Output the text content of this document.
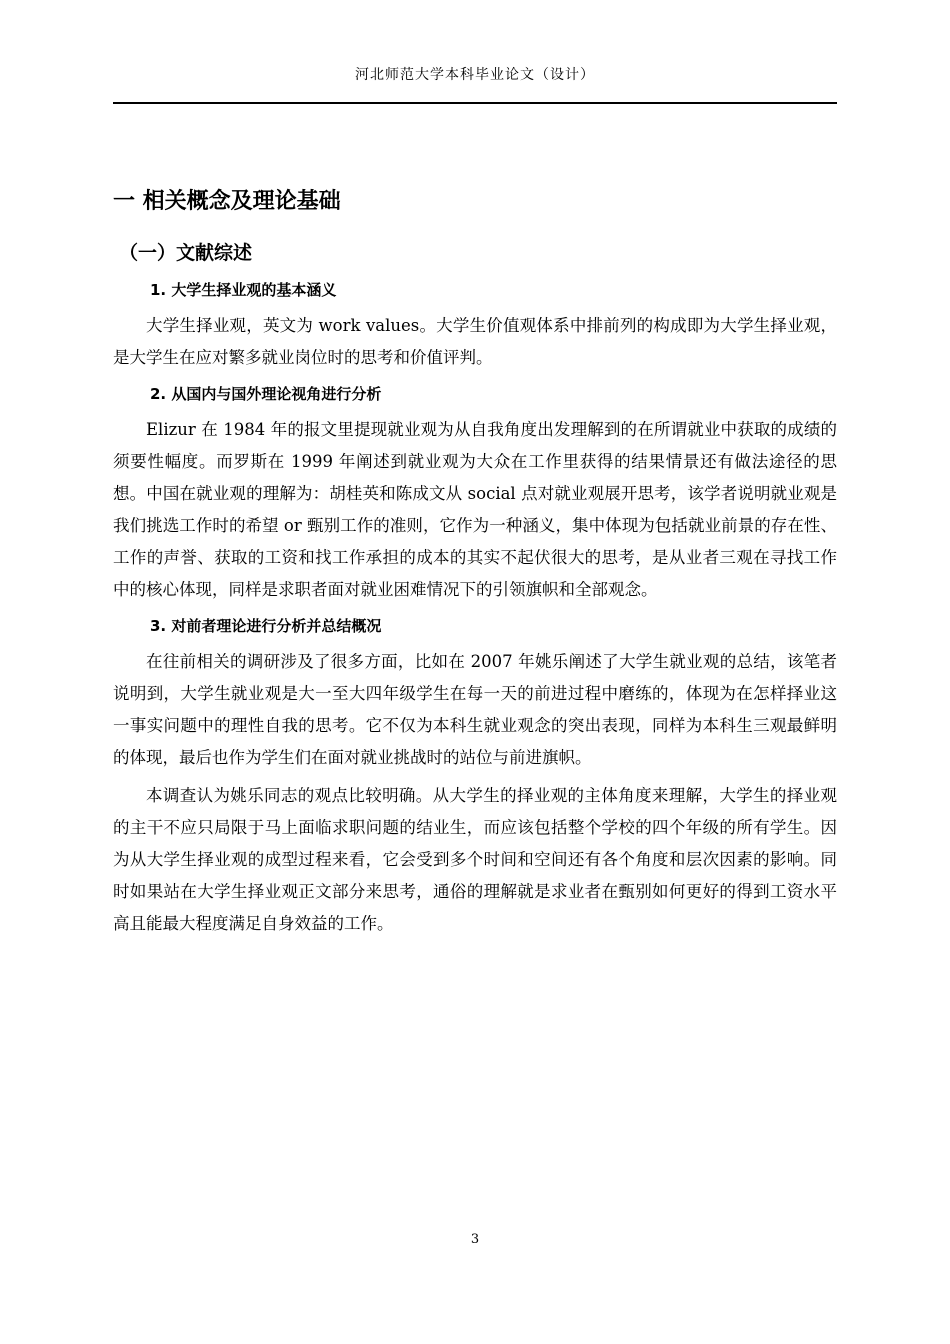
河北师范大学本科毕业论文（设计）
一 相关概念及理论基础
（一）文献综述
1. 大学生择业观的基本涵义

大学生择业观，英文为 work values。大学生价值观体系中排前列的构成即为大学生择业观，是大学生在应对繁多就业岗位时的思考和价值评判。

2. 从国内与国外理论视角进行分析

Elizur 在 1984 年的报文里提现就业观为从自我角度出发理解到的在所谓就业中获取的成绩的须要性幅度。而罗斯在 1999 年阐述到就业观为大众在工作里获得的结果情景还有做法途径的思想。中国在就业观的理解为：胡桂英和陈成文从 social 点对就业观展开思考，该学者说明就业观是我们挑选工作时的希望 or 甄别工作的准则，它作为一种涵义，集中体现为包括就业前景的存在性、工作的声誉、获取的工资和找工作承担的成本的其实不起伏很大的思考，是从业者三观在寻找工作中的核心体现，同样是求职者面对就业困难情况下的引领旗帜和全部观念。

3. 对前者理论进行分析并总结概况

在往前相关的调研涉及了很多方面，比如在 2007 年姚乐阐述了大学生就业观的总结，该笔者说明到，大学生就业观是大一至大四年级学生在每一天的前进过程中磨练的，体现为在怎样择业这一事实问题中的理性自我的思考。它不仅为本科生就业观念的突出表现，同样为本科生三观最鲜明的体现，最后也作为学生们在面对就业挑战时的站位与前进旗帜。

本调查认为姚乐同志的观点比较明确。从大学生的择业观的主体角度来理解，大学生的择业观的主干不应只局限于马上面临求职问题的结业生，而应该包括整个学校的四个年级的所有学生。因为从大学生择业观的成型过程来看，它会受到多个时间和空间还有各个角度和层次因素的影响。同时如果站在大学生择业观正文部分来思考，通俗的理解就是求业者在甄别如何更好的得到工资水平高且能最大程度满足自身效益的工作。

3
